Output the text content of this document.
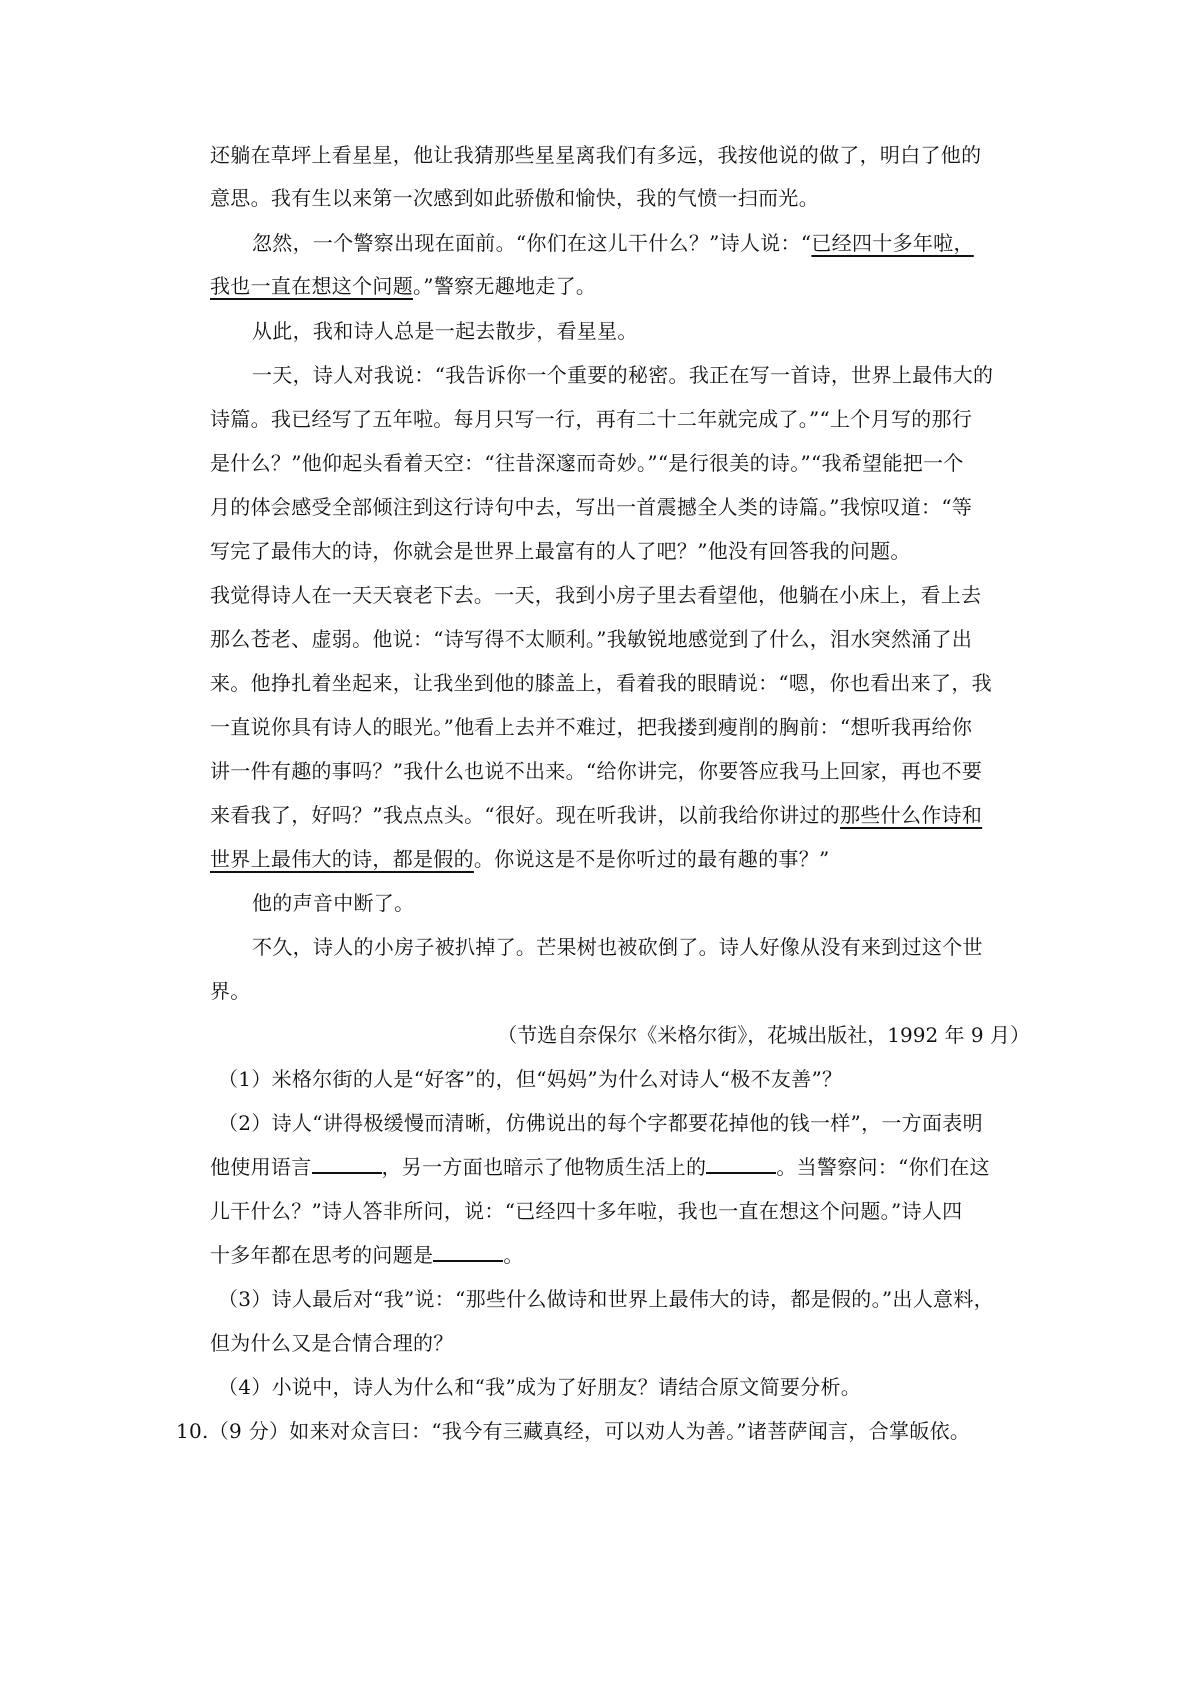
还躺在草坪上看星星，他让我猜那些星星离我们有多远，我按他说的做了，明白了他的
意思。我有生以来第一次感到如此骄傲和愉快，我的气愤一扫而光。
忽然，一个警察出现在面前。“你们在这儿干什么？”诗人说：“已经四十多年啦，
我也一直在想这个问题。”警察无趣地走了。
从此，我和诗人总是一起去散步，看星星。
一天，诗人对我说：“我告诉你一个重要的秘密。我正在写一首诗，世界上最伟大的
诗篇。我已经写了五年啦。每月只写一行，再有二十二年就完成了。”“上个月写的那行
是什么？”他仰起头看着天空：“往昔深邃而奇妙。”“是行很美的诗。”“我希望能把一个
月的体会感受全部倾注到这行诗句中去，写出一首震撼全人类的诗篇。”我惊叹道：“等
写完了最伟大的诗，你就会是世界上最富有的人了吧？”他没有回答我的问题。
我觉得诗人在一天天衰老下去。一天，我到小房子里去看望他，他躺在小床上，看上去
那么苍老、虚弱。他说：“诗写得不太顺利。”我敏锐地感觉到了什么，泪水突然涌了出
来。他挣扎着坐起来，让我坐到他的膝盖上，看着我的眼睛说：“嗯，你也看出来了，我
一直说你具有诗人的眼光。”他看上去并不难过，把我搂到瘦削的胸前：“想听我再给你
讲一件有趣的事吗？”我什么也说不出来。“给你讲完，你要答应我马上回家，再也不要
来看我了，好吗？”我点点头。“很好。现在听我讲，以前我给你讲过的那些什么作诗和
世界上最伟大的诗，都是假的。你说这是不是你听过的最有趣的事？”
他的声音中断了。
不久，诗人的小房子被扒掉了。芒果树也被砍倒了。诗人好像从没有来到过这个世
界。
（节选自奈保尔《米格尔街》，花城出版社，1992 年 9 月）
（1）米格尔街的人是“好客”的，但“妈妈”为什么对诗人“极不友善”？
（2）诗人“讲得极缓慢而清晰，仿佛说出的每个字都要花掉他的钱一样”，一方面表明
他使用语言	，另一方面也暗示了他物质生活上的	。当警察问：“你们在这
儿干什么？”诗人答非所问，说：“已经四十多年啦，我也一直在想这个问题。”诗人四
十多年都在思考的问题是	。
（3）诗人最后对“我”说：“那些什么做诗和世界上最伟大的诗，都是假的。”出人意料，
但为什么又是合情合理的？
（4）小说中，诗人为什么和“我”成为了好朋友？请结合原文简要分析。
10.（9 分）如来对众言曰：“我今有三藏真经，可以劝人为善。”诸菩萨闻言，合掌皈依。
